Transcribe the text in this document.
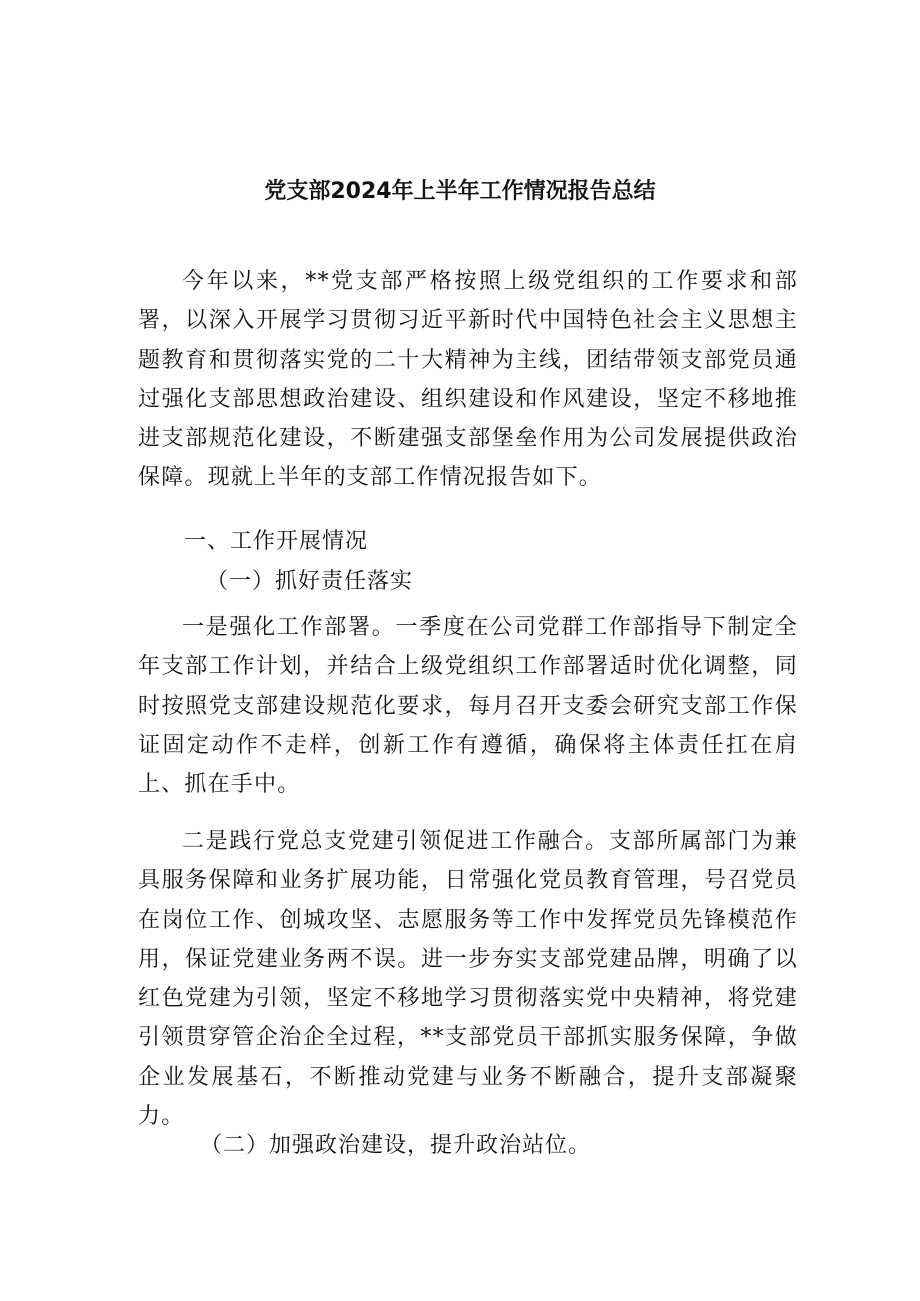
党支部2024年上半年工作情况报告总结

今年以来，**党支部严格按照上级党组织的工作要求和部署，以深入开展学习贯彻习近平新时代中国特色社会主义思想主题教育和贯彻落实党的二十大精神为主线，团结带领支部党员通过强化支部思想政治建设、组织建设和作风建设，坚定不移地推进支部规范化建设，不断建强支部堡垒作用为公司发展提供政治保障。现就上半年的支部工作情况报告如下。

一、工作开展情况
（一）抓好责任落实

一是强化工作部署。一季度在公司党群工作部指导下制定全年支部工作计划，并结合上级党组织工作部署适时优化调整，同时按照党支部建设规范化要求，每月召开支委会研究支部工作保证固定动作不走样，创新工作有遵循，确保将主体责任扛在肩上、抓在手中。

二是践行党总支党建引领促进工作融合。支部所属部门为兼具服务保障和业务扩展功能，日常强化党员教育管理，号召党员在岗位工作、创城攻坚、志愿服务等工作中发挥党员先锋模范作用，保证党建业务两不误。进一步夯实支部党建品牌，明确了以红色党建为引领，坚定不移地学习贯彻落实党中央精神，将党建引领贯穿管企治企全过程，**支部党员干部抓实服务保障，争做企业发展基石，不断推动党建与业务不断融合，提升支部凝聚力。

（二）加强政治建设，提升政治站位。
